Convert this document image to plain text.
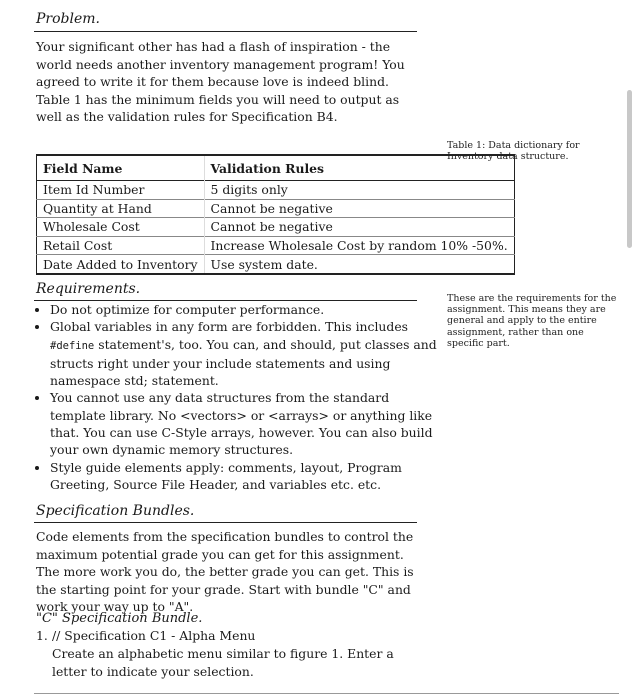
Problem.
Your significant other has had a flash of inspiration - the world needs another inventory management program! You agreed to write it for them because love is indeed blind. Table 1 has the minimum fields you will need to output as well as the validation rules for Specification B4.
Table 1: Data dictionary for Inventory data structure.
Field Name	Validation Rules
Item Id Number	5 digits only
Quantity at Hand	Cannot be negative
Wholesale Cost	Cannot be negative
Retail Cost	Increase Wholesale Cost by random 10% -50%.
Date Added to Inventory	Use system date.
Requirements.
These are the requirements for the assignment. This means they are general and apply to the entire assignment, rather than one specific part.
• Do not optimize for computer performance.
• Global variables in any form are forbidden. This includes #define statement's, too. You can, and should, put classes and structs right under your include statements and using namespace std; statement.
• You cannot use any data structures from the standard template library. No <vectors> or <arrays> or anything like that. You can use C-Style arrays, however. You can also build your own dynamic memory structures.
• Style guide elements apply: comments, layout, Program Greeting, Source File Header, and variables etc. etc.
Specification Bundles.
Code elements from the specification bundles to control the maximum potential grade you can get for this assignment. The more work you do, the better grade you can get. This is the starting point for your grade. Start with bundle "C" and work your way up to "A".
"C" Specification Bundle.
1. // Specification C1 - Alpha Menu
Create an alphabetic menu similar to figure 1. Enter a letter to indicate your selection.
